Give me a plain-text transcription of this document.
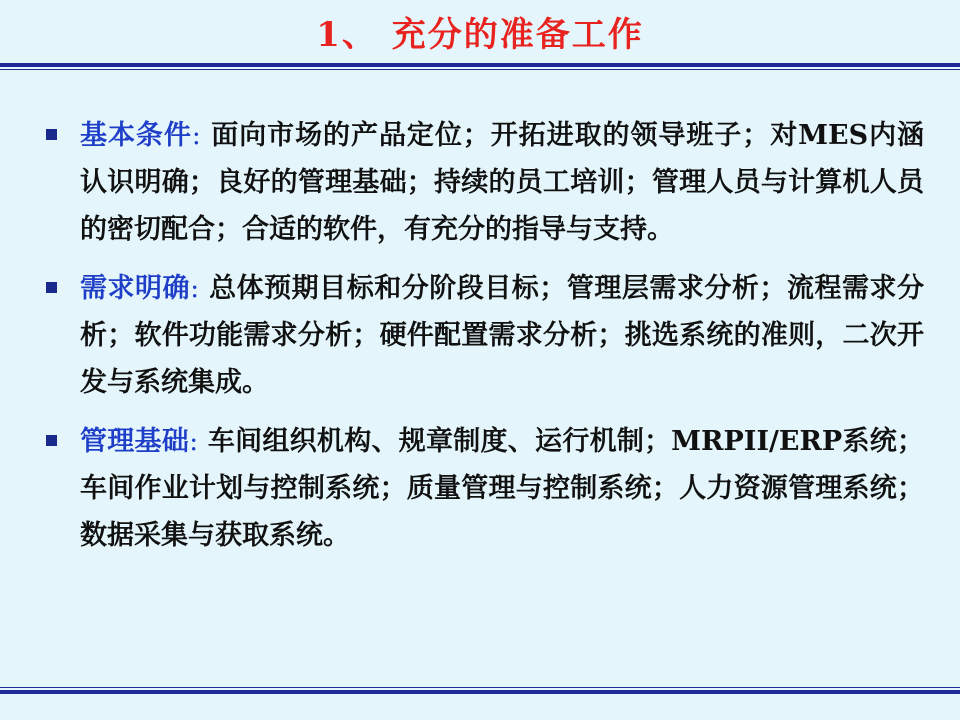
1、 充分的准备工作
基本条件: 面向市场的产品定位；开拓进取的领导班子；对MES内涵认识明确；良好的管理基础；持续的员工培训；管理人员与计算机人员的密切配合；合适的软件，有充分的指导与支持。
需求明确: 总体预期目标和分阶段目标；管理层需求分析；流程需求分析；软件功能需求分析；硬件配置需求分析；挑选系统的准则，二次开发与系统集成。
管理基础: 车间组织机构、规章制度、运行机制；MRPII/ERP系统；车间作业计划与控制系统；质量管理与控制系统；人力资源管理系统；数据采集与获取系统。
